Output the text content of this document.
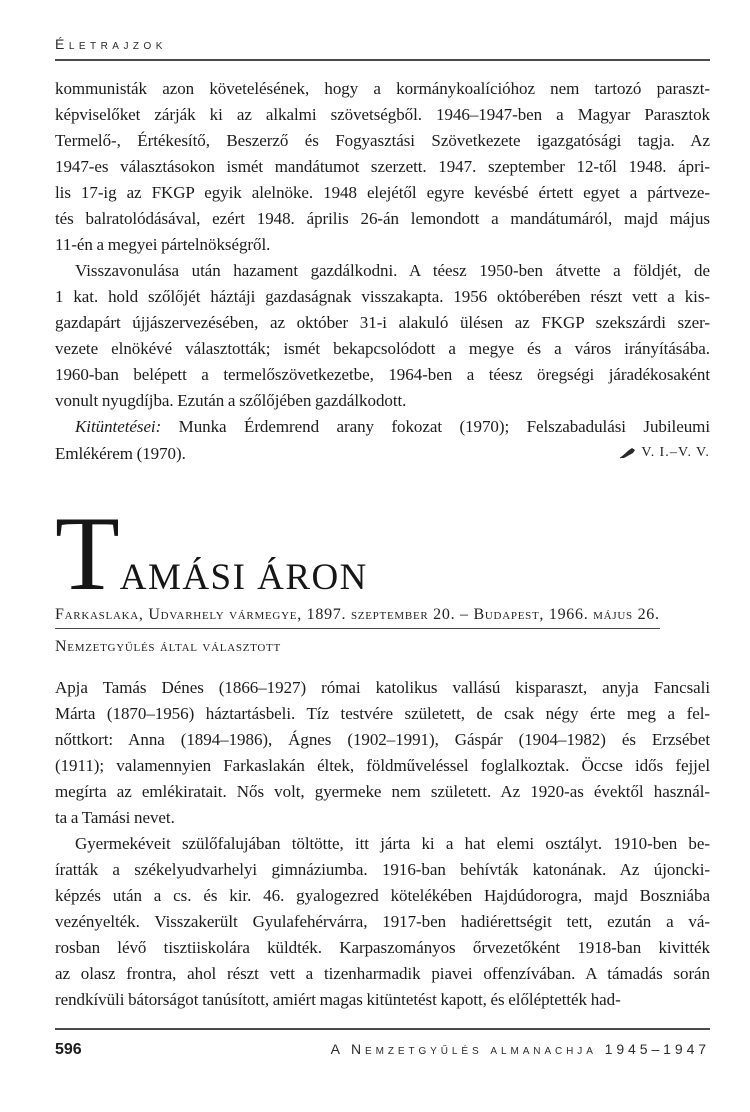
Életrajzok
kommunisták azon követelésének, hogy a kormánykoalícióhoz nem tartozó paraszt-
képviselőket zárják ki az alkalmi szövetségből. 1946–1947-ben a Magyar Parasztok
Termelő-, Értékesítő, Beszerző és Fogyasztási Szövetkezete igazgatósági tagja. Az
1947-es választásokon ismét mandátumot szerzett. 1947. szeptember 12-től 1948. ápri-
lis 17-ig az FKGP egyik alelnöke. 1948 elejétől egyre kevésbé értett egyet a pártveze-
tés balratolódásával, ezért 1948. április 26-án lemondott a mandátumáról, majd május
11-én a megyei pártelnökségről.
Visszavonulása után hazament gazdálkodni. A téesz 1950-ben átvette a földjét, de
1 kat. hold szőlőjét háztáji gazdaságnak visszakapta. 1956 októberében részt vett a kis-
gazdapárt újjászervezésében, az október 31-i alakuló ülésen az FKGP szekszárdi szer-
vezete elnökévé választották; ismét bekapcsolódott a megye és a város irányításába.
1960-ban belépett a termelőszövetkezetbe, 1964-ben a téesz öregségi járadékosaként
vonult nyugdíjba. Ezután a szőlőjében gazdálkodott.
Kitüntetései: Munka Érdemrend arany fokozat (1970); Felszabadulási Jubileumi
Emlékérem (1970).	V. I.–V. V.
T AMÁSI ÁRON
Farkaslaka, Udvarhely vármegye, 1897. szeptember 20. – Budapest, 1966. május 26.
Nemzetgyűlés által választott
Apja Tamás Dénes (1866–1927) római katolikus vallású kisparaszt, anyja Fancsali
Márta (1870–1956) háztartásbeli. Tíz testvére született, de csak négy érte meg a fel-
nőttkort: Anna (1894–1986), Ágnes (1902–1991), Gáspár (1904–1982) és Erzsébet
(1911); valamennyien Farkaslakán éltek, földműveléssel foglalkoztak. Öccse idős fejjel
megírta az emlékiratait. Nős volt, gyermeke nem született. Az 1920-as évektől használ-
ta a Tamási nevet.
Gyermekéveit szülőfalujában töltötte, itt járta ki a hat elemi osztályt. 1910-ben be-
íratták a székelyudvarhelyi gimnáziumba. 1916-ban behívták katonának. Az újoncki-
képzés után a cs. és kir. 46. gyalogezred kötelékében Hajdúdorogra, majd Boszniába
vezényelték. Visszakerült Gyulafehérvárra, 1917-ben hadiérettségit tett, ezután a vá-
rosban lévő tisztiiskolára küldték. Karpaszományos őrvezetőként 1918-ban kivitték
az olasz frontra, ahol részt vett a tizenharmadik piavei offenzívában. A támadás során
rendkívüli bátorságot tanúsított, amiért magas kitüntetést kapott, és előléptették had-
596	A Nemzetgyűlés almanachja 1945–1947
